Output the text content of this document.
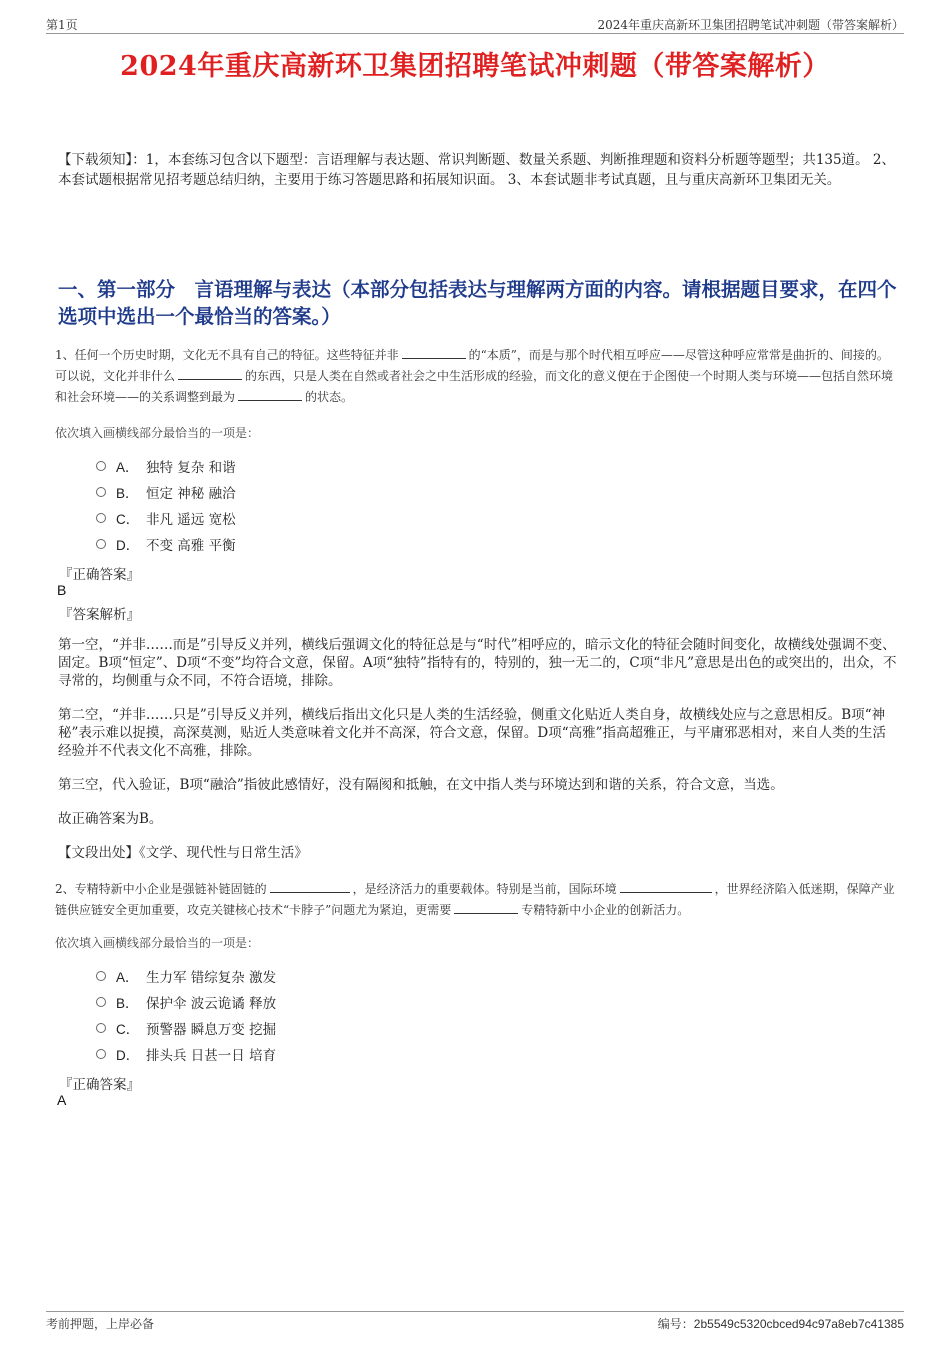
第1页	2024年重庆高新环卫集团招聘笔试冲刺题（带答案解析）
2024年重庆高新环卫集团招聘笔试冲刺题（带答案解析）

【下载须知】：1，本套练习包含以下题型：言语理解与表达题、常识判断题、数量关系题、判断推理题和资料分析题等题型；共135道。 2、本套试题根据常见招考题总结归纳，主要用于练习答题思路和拓展知识面。 3、本套试题非考试真题，且与重庆高新环卫集团无关。

一、第一部分　言语理解与表达（本部分包括表达与理解两方面的内容。请根据题目要求，在四个选项中选出一个最恰当的答案。）

1、任何一个历史时期，文化无不具有自己的特征。这些特征并非	的“本质”，而是与那个时代相互呼应——尽管这种呼应常常是曲折的、间接的。可以说，文化并非什么	的东西，只是人类在自然或者社会之中生活形成的经验，而文化的意义便在于企图使一个时期人类与环境——包括自然环境和社会环境——的关系调整到最为	的状态。

依次填入画横线部分最恰当的一项是：

A． 独特 复杂 和谐
B． 恒定 神秘 融洽
C． 非凡 遥远 宽松
D． 不变 高雅 平衡

『正确答案』

B

『答案解析』

第一空，“并非……而是”引导反义并列，横线后强调文化的特征总是与“时代”相呼应的，暗示文化的特征会随时间变化，故横线处强调不变、固定。B项“恒定”、D项“不变”均符合文意，保留。A项“独特”指特有的，特别的，独一无二的，C项“非凡”意思是出色的或突出的，出众，不寻常的，均侧重与众不同，不符合语境，排除。

第二空，“并非……只是”引导反义并列，横线后指出文化只是人类的生活经验，侧重文化贴近人类自身，故横线处应与之意思相反。B项“神秘”表示难以捉摸，高深莫测，贴近人类意味着文化并不高深，符合文意，保留。D项“高雅”指高超雅正，与平庸邪恶相对，来自人类的生活经验并不代表文化不高雅，排除。

第三空，代入验证，B项“融洽”指彼此感情好，没有隔阂和抵触，在文中指人类与环境达到和谐的关系，符合文意，当选。

故正确答案为B。

【文段出处】《文学、现代性与日常生活》

2、专精特新中小企业是强链补链固链的	，是经济活力的重要载体。特别是当前，国际环境	，世界经济陷入低迷期，保障产业链供应链安全更加重要，攻克关键核心技术“卡脖子”问题尤为紧迫，更需要	专精特新中小企业的创新活力。

依次填入画横线部分最恰当的一项是：

A． 生力军 错综复杂 激发
B． 保护伞 波云诡谲 释放
C． 预警器 瞬息万变 挖掘
D． 排头兵 日甚一日 培育

『正确答案』

A

考前押题，上岸必备	编号：2b5549c5320cbced94c97a8eb7c41385
